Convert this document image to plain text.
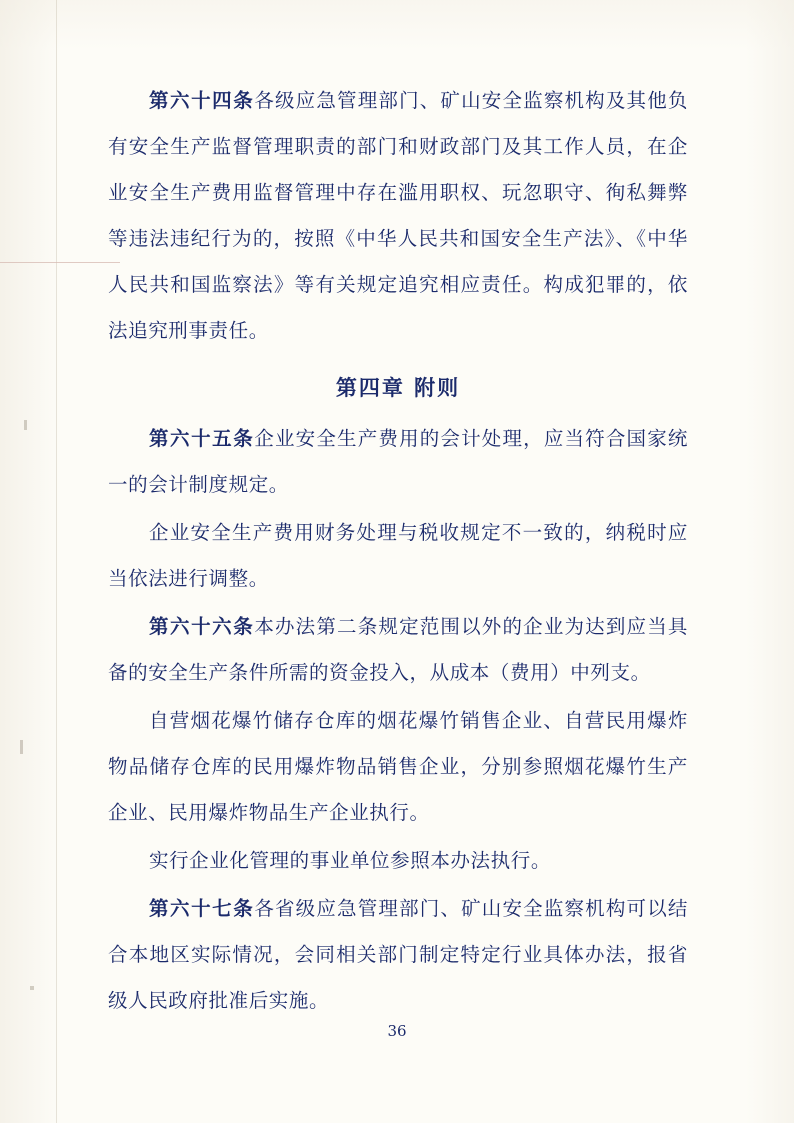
第六十四条各级应急管理部门、矿山安全监察机构及其他负有安全生产监督管理职责的部门和财政部门及其工作人员，在企业安全生产费用监督管理中存在滥用职权、玩忽职守、徇私舞弊等违法违纪行为的，按照《中华人民共和国安全生产法》、《中华人民共和国监察法》等有关规定追究相应责任。构成犯罪的，依法追究刑事责任。

第四章 附则

第六十五条企业安全生产费用的会计处理，应当符合国家统一的会计制度规定。

企业安全生产费用财务处理与税收规定不一致的，纳税时应当依法进行调整。

第六十六条本办法第二条规定范围以外的企业为达到应当具备的安全生产条件所需的资金投入，从成本（费用）中列支。

自营烟花爆竹储存仓库的烟花爆竹销售企业、自营民用爆炸物品储存仓库的民用爆炸物品销售企业，分别参照烟花爆竹生产企业、民用爆炸物品生产企业执行。

实行企业化管理的事业单位参照本办法执行。

第六十七条各省级应急管理部门、矿山安全监察机构可以结合本地区实际情况，会同相关部门制定特定行业具体办法，报省级人民政府批准后实施。

36
